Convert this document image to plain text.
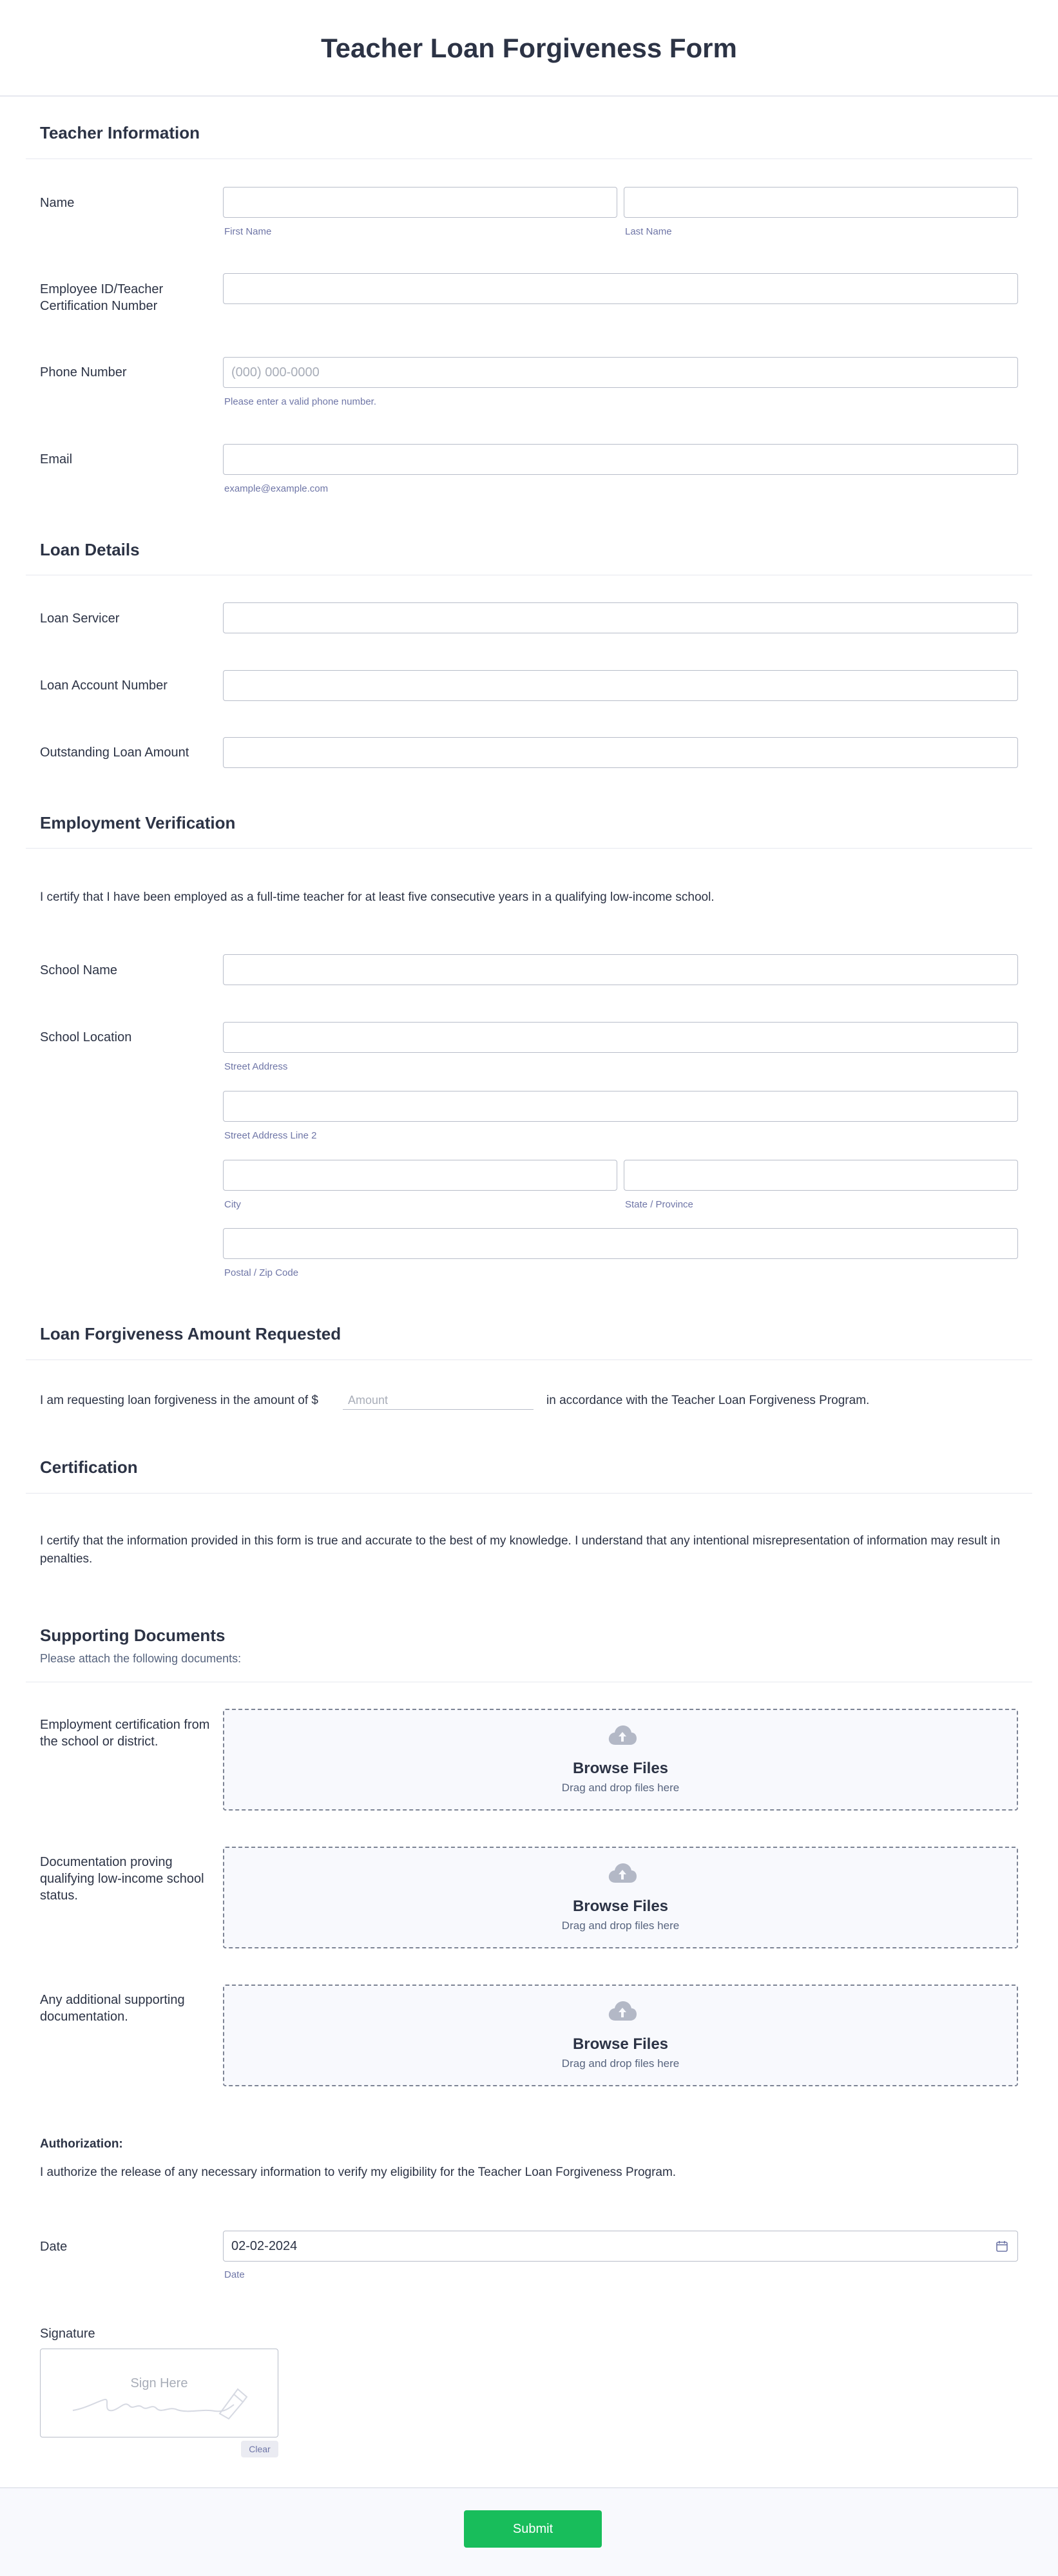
Teacher Loan Forgiveness Form
Teacher Information
Name
First Name	Last Name
Employee ID/Teacher Certification Number
Phone Number	(000) 000-0000
Please enter a valid phone number.
Email
example@example.com
Loan Details
Loan Servicer
Loan Account Number
Outstanding Loan Amount
Employment Verification
I certify that I have been employed as a full-time teacher for at least five consecutive years in a qualifying low-income school.
School Name
School Location
Street Address
Street Address Line 2
City	State / Province
Postal / Zip Code
Loan Forgiveness Amount Requested
I am requesting loan forgiveness in the amount of $	Amount	in accordance with the Teacher Loan Forgiveness Program.
Certification
I certify that the information provided in this form is true and accurate to the best of my knowledge. I understand that any intentional misrepresentation of information may result in penalties.
Supporting Documents
Please attach the following documents:
Employment certification from the school or district.
Browse Files
Drag and drop files here
Documentation proving qualifying low-income school status.
Browse Files
Drag and drop files here
Any additional supporting documentation.
Browse Files
Drag and drop files here
Authorization:
I authorize the release of any necessary information to verify my eligibility for the Teacher Loan Forgiveness Program.
Date	02-02-2024
Date
Signature
Sign Here
Clear
Submit
